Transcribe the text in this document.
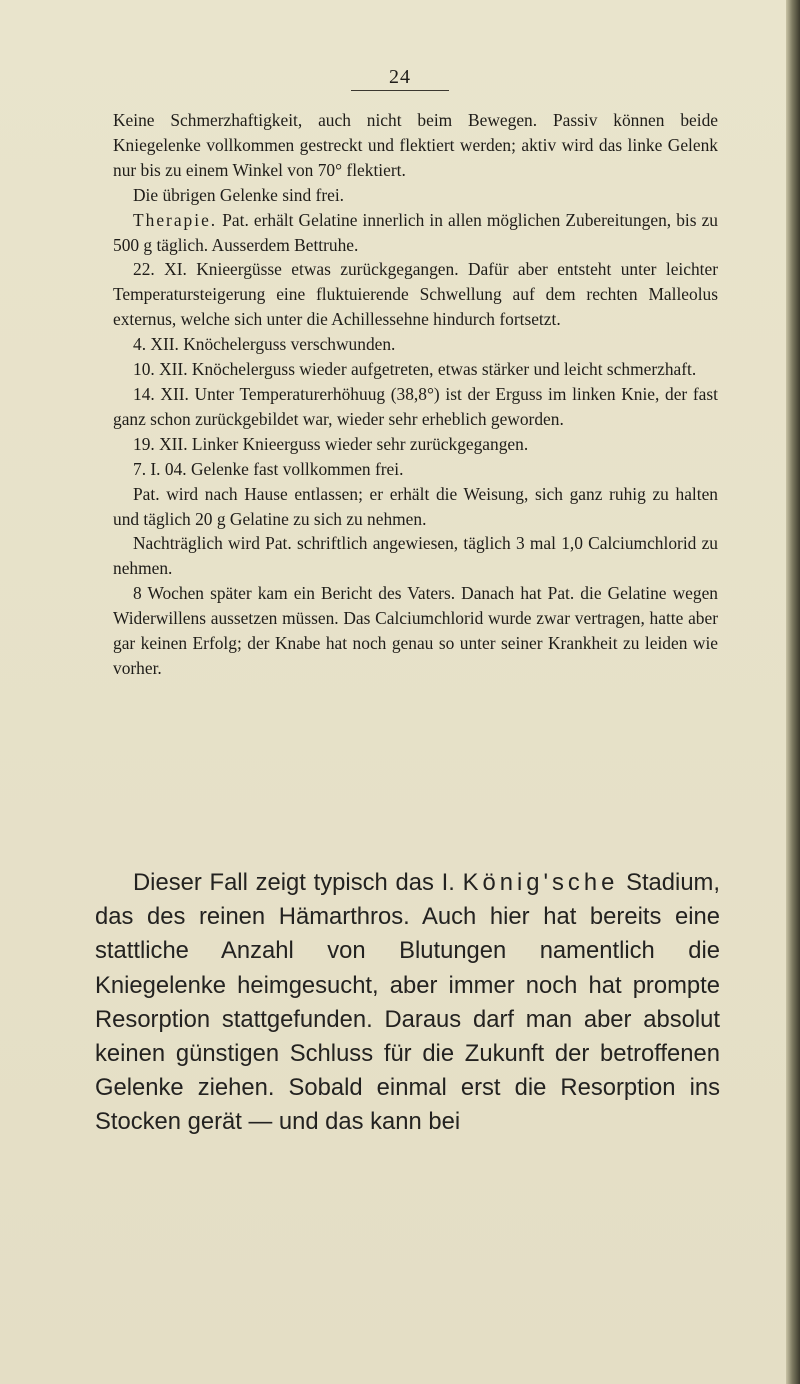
24

Keine Schmerzhaftigkeit, auch nicht beim Bewegen. Passiv können beide Kniegelenke vollkommen gestreckt und flektiert werden; aktiv wird das linke Gelenk nur bis zu einem Winkel von 70° flektiert.

Die übrigen Gelenke sind frei.

Therapie. Pat. erhält Gelatine innerlich in allen möglichen Zubereitungen, bis zu 500 g täglich. Ausserdem Bettruhe.

22. XI. Knieergüsse etwas zurückgegangen. Dafür aber entsteht unter leichter Temperatursteigerung eine fluktuierende Schwellung auf dem rechten Malleolus externus, welche sich unter die Achillessehne hindurch fortsetzt.

4. XII. Knöchelerguss verschwunden.

10. XII. Knöchelerguss wieder aufgetreten, etwas stärker und leicht schmerzhaft.

14. XII. Unter Temperaturerhöhuug (38,8°) ist der Erguss im linken Knie, der fast ganz schon zurückgebildet war, wieder sehr erheblich geworden.

19. XII. Linker Knieerguss wieder sehr zurückgegangen.

7. I. 04. Gelenke fast vollkommen frei.

Pat. wird nach Hause entlassen; er erhält die Weisung, sich ganz ruhig zu halten und täglich 20 g Gelatine zu sich zu nehmen.

Nachträglich wird Pat. schriftlich angewiesen, täglich 3 mal 1,0 Calciumchlorid zu nehmen.

8 Wochen später kam ein Bericht des Vaters. Danach hat Pat. die Gelatine wegen Widerwillens aussetzen müssen. Das Calciumchlorid wurde zwar vertragen, hatte aber gar keinen Erfolg; der Knabe hat noch genau so unter seiner Krankheit zu leiden wie vorher.

Dieser Fall zeigt typisch das I. König'sche Stadium, das des reinen Hämarthros. Auch hier hat bereits eine stattliche Anzahl von Blutungen namentlich die Kniegelenke heimgesucht, aber immer noch hat prompte Resorption stattgefunden. Daraus darf man aber absolut keinen günstigen Schluss für die Zukunft der betroffenen Gelenke ziehen. Sobald einmal erst die Resorption ins Stocken gerät — und das kann bei
